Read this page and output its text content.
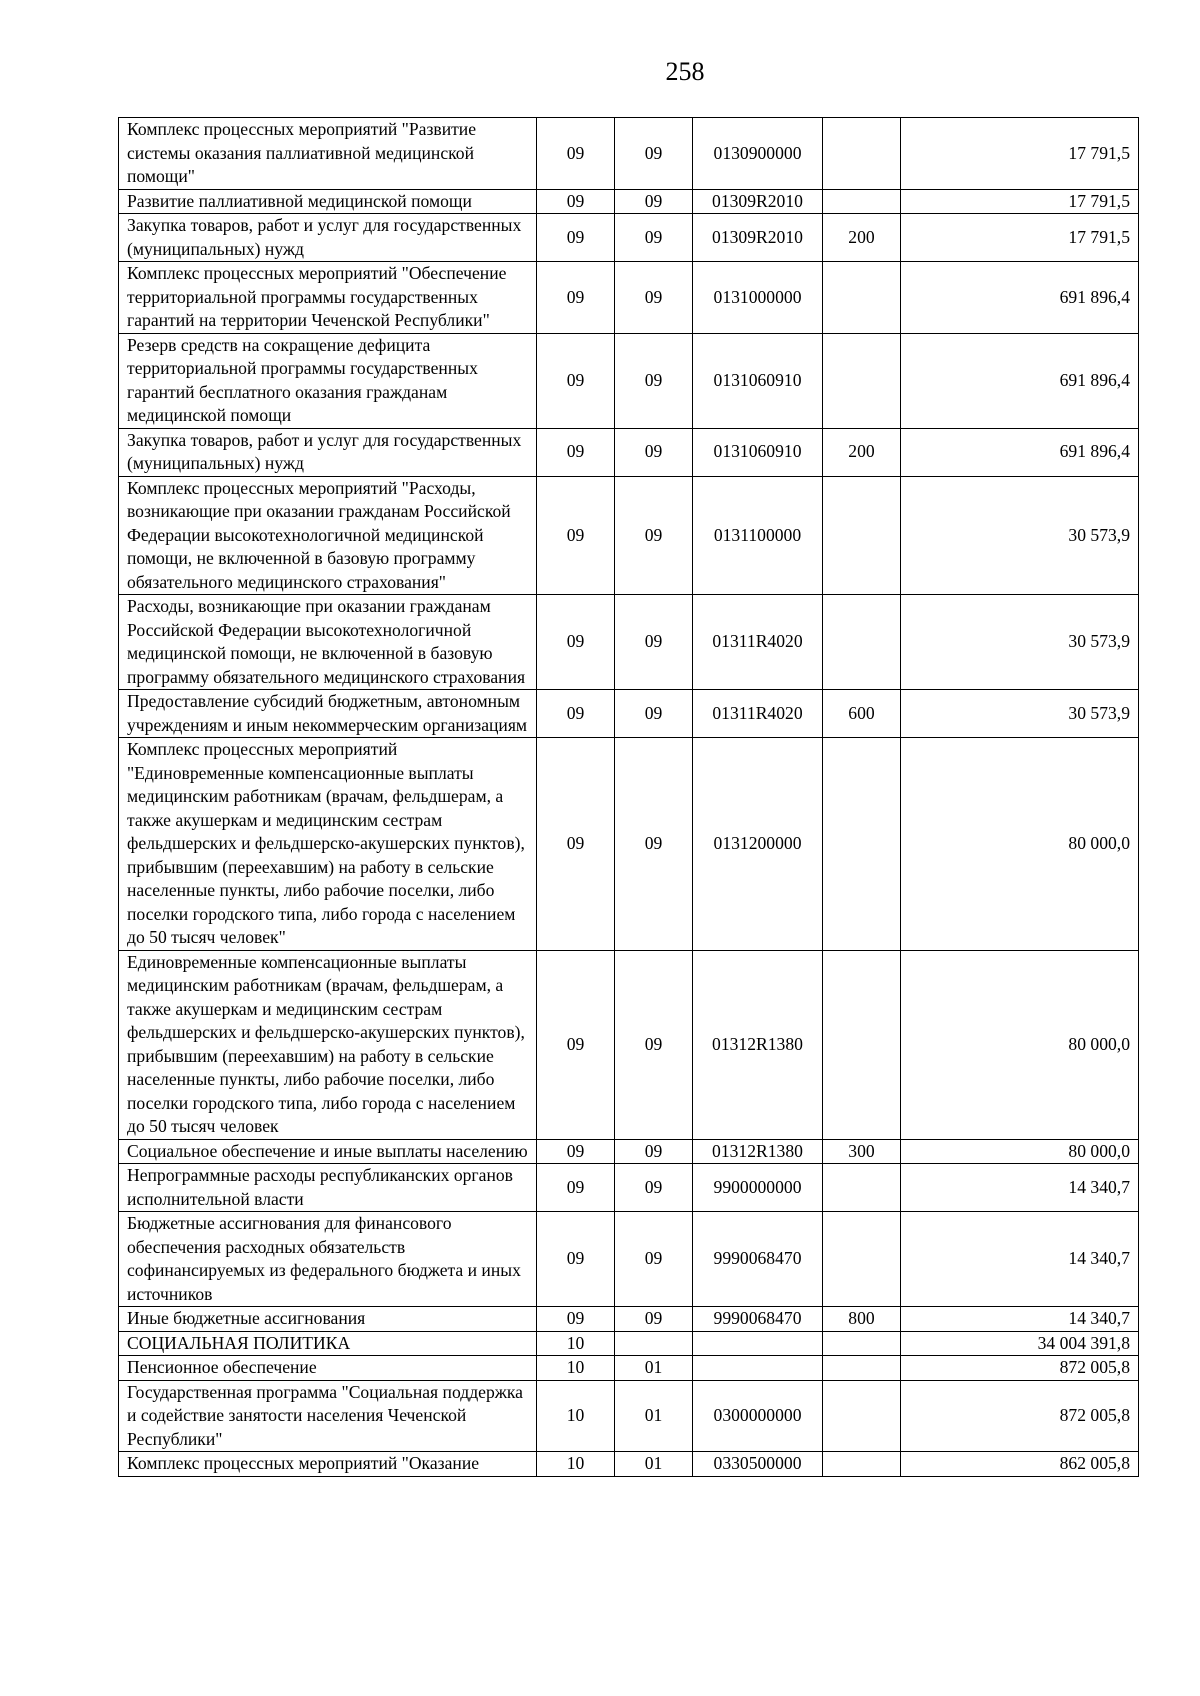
258
Комплекс процессных мероприятий "Развитие системы оказания паллиативной медицинской помощи"	09	09	0130900000		17 791,5
Развитие паллиативной медицинской помощи	09	09	01309R2010		17 791,5
Закупка товаров, работ и услуг для государственных (муниципальных) нужд	09	09	01309R2010	200	17 791,5
Комплекс процессных мероприятий "Обеспечение территориальной программы государственных гарантий на территории Чеченской Республики"	09	09	0131000000		691 896,4
Резерв средств на сокращение дефицита территориальной программы государственных гарантий бесплатного оказания гражданам медицинской помощи	09	09	0131060910		691 896,4
Закупка товаров, работ и услуг для государственных (муниципальных) нужд	09	09	0131060910	200	691 896,4
Комплекс процессных мероприятий "Расходы, возникающие при оказании гражданам Российской Федерации высокотехнологичной медицинской помощи, не включенной в базовую программу обязательного медицинского страхования"	09	09	0131100000		30 573,9
Расходы, возникающие при оказании гражданам Российской Федерации высокотехнологичной медицинской помощи, не включенной в базовую программу обязательного медицинского страхования	09	09	01311R4020		30 573,9
Предоставление субсидий бюджетным, автономным учреждениям и иным некоммерческим организациям	09	09	01311R4020	600	30 573,9
Комплекс процессных мероприятий "Единовременные компенсационные выплаты медицинским работникам (врачам, фельдшерам, а также акушеркам и медицинским сестрам фельдшерских и фельдшерско-акушерских пунктов), прибывшим (переехавшим) на работу в сельские населенные пункты, либо рабочие поселки, либо поселки городского типа, либо города с населением до 50 тысяч человек"	09	09	0131200000		80 000,0
Единовременные компенсационные выплаты медицинским работникам (врачам, фельдшерам, а также акушеркам и медицинским сестрам фельдшерских и фельдшерско-акушерских пунктов), прибывшим (переехавшим) на работу в сельские населенные пункты, либо рабочие поселки, либо поселки городского типа, либо города с населением до 50 тысяч человек	09	09	01312R1380		80 000,0
Социальное обеспечение и иные выплаты населению	09	09	01312R1380	300	80 000,0
Непрограммные расходы республиканских органов исполнительной власти	09	09	9900000000		14 340,7
Бюджетные ассигнования для финансового обеспечения расходных обязательств софинансируемых из федерального бюджета и иных источников	09	09	9990068470		14 340,7
Иные бюджетные ассигнования	09	09	9990068470	800	14 340,7
СОЦИАЛЬНАЯ ПОЛИТИКА	10				34 004 391,8
Пенсионное обеспечение	10	01			872 005,8
Государственная программа "Социальная поддержка и содействие занятости населения Чеченской Республики"	10	01	0300000000		872 005,8
Комплекс процессных мероприятий "Оказание	10	01	0330500000		862 005,8
